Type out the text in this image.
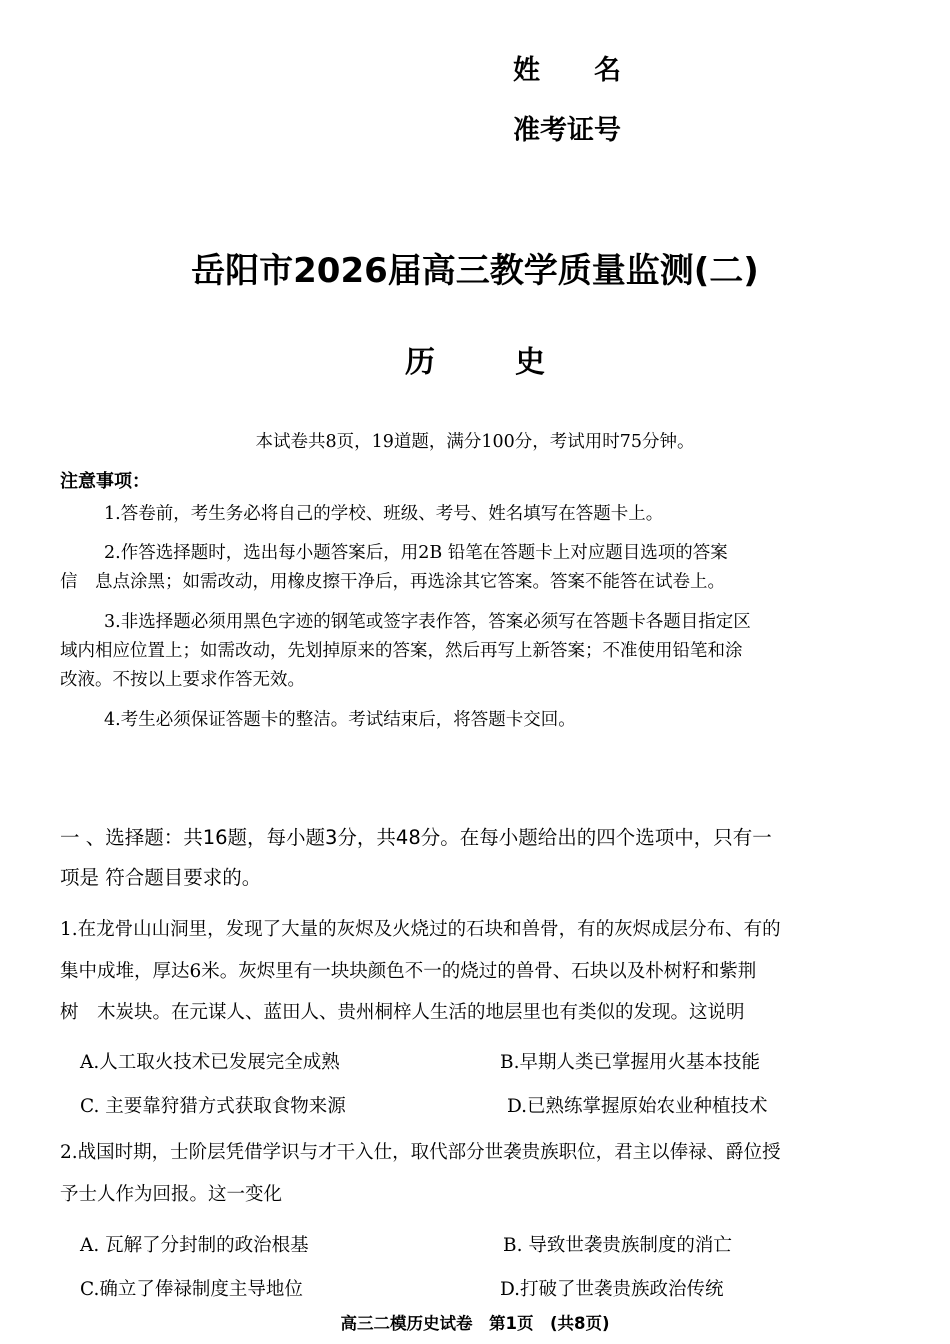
姓　　名
准考证号
岳阳市2026届高三教学质量监测(二)
历史
本试卷共8页，19道题，满分100分，考试用时75分钟。
注意事项：
1.答卷前，考生务必将自己的学校、班级、考号、姓名填写在答题卡上。
2.作答选择题时，选出每小题答案后，用2B 铅笔在答题卡上对应题目选项的答案
信　息点涂黑；如需改动，用橡皮擦干净后，再选涂其它答案。答案不能答在试卷上。
3.非选择题必须用黑色字迹的钢笔或签字表作答，答案必须写在答题卡各题目指定区
域内相应位置上；如需改动，先划掉原来的答案，然后再写上新答案；不准使用铅笔和涂
改液。不按以上要求作答无效。
4.考生必须保证答题卡的整洁。考试结束后，将答题卡交回。
一 、选择题：共16题，每小题3分，共48分。在每小题给出的四个选项中，只有一
项是 符合题目要求的。
1.在龙骨山山洞里，发现了大量的灰烬及火烧过的石块和兽骨，有的灰烬成层分布、有的
集中成堆，厚达6米。灰烬里有一块块颜色不一的烧过的兽骨、石块以及朴树籽和紫荆
树　木炭块。在元谋人、蓝田人、贵州桐梓人生活的地层里也有类似的发现。这说明
A.人工取火技术已发展完全成熟	B.早期人类已掌握用火基本技能
C. 主要靠狩猎方式获取食物来源	D.已熟练掌握原始农业种植技术
2.战国时期，士阶层凭借学识与才干入仕，取代部分世袭贵族职位，君主以俸禄、爵位授
予士人作为回报。这一变化
A. 瓦解了分封制的政治根基	B. 导致世袭贵族制度的消亡
C.确立了俸禄制度主导地位	D.打破了世袭贵族政治传统
高三二模历史试卷　第1页　(共8页)
